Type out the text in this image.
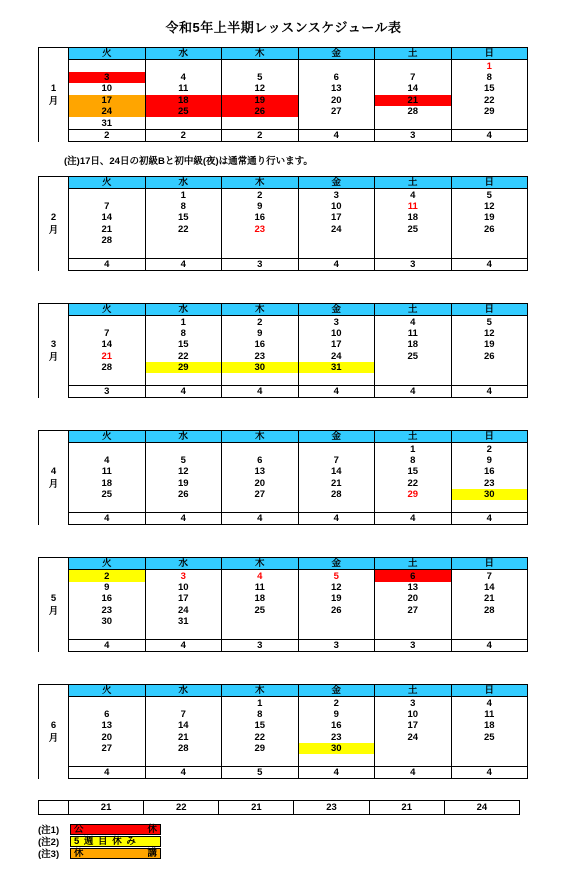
令和5年上半期レッスンスケジュール表
1
月	火	水	木	金	土	日
						1
	3	4	5	6	7	8
	10	11	12	13	14	15
	17	18	19	20	21	22
	24	25	26	27	28	29
	31					
	2	2	2	4	3	4
2
月	火	水	木	金	土	日
		1	2	3	4	5
	7	8	9	10	11	12
	14	15	16	17	18	19
	21	22	23	24	25	26
	28					

	4	4	3	4	3	4
3
月	火	水	木	金	土	日
		1	2	3	4	5
	7	8	9	10	11	12
	14	15	16	17	18	19
	21	22	23	24	25	26
	28	29	30	31		

	3	4	4	4	4	4
4
月	火	水	木	金	土	日
					1	2
	4	5	6	7	8	9
	11	12	13	14	15	16
	18	19	20	21	22	23
	25	26	27	28	29	30

	4	4	4	4	4	4
5
月	火	水	木	金	土	日
	2	3	4	5	6	7
	9	10	11	12	13	14
	16	17	18	19	20	21
	23	24	25	26	27	28
	30	31				

	4	4	3	3	3	4
6
月	火	水	木	金	土	日
			1	2	3	4
	6	7	8	9	10	11
	13	14	15	16	17	18
	20	21	22	23	24	25
	27	28	29	30		

	4	4	5	4	4	4
(注)17日、24日の初級Bと初中級(夜)は通常通り行います。
	21	22	21	23	21	24
(注1)	公	休
(注2)	5 週 目 休 み
(注3)	休	講
